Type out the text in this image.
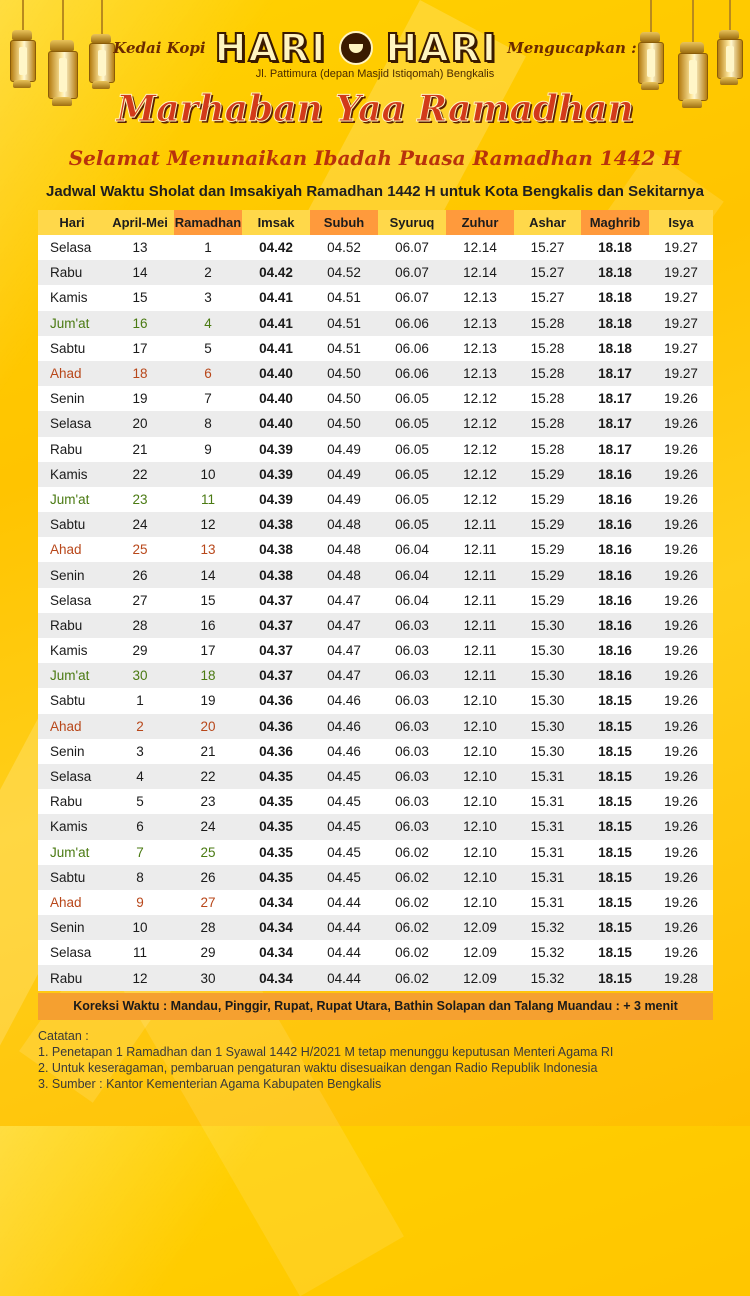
Kedai Kopi HARI HARI Mengucapkan :
Jl. Pattimura (depan Masjid Istiqomah) Bengkalis
Marhaban Yaa Ramadhan
Selamat Menunaikan Ibadah Puasa Ramadhan 1442 H
Jadwal Waktu Sholat dan Imsakiyah Ramadhan 1442 H untuk Kota Bengkalis dan Sekitarnya
Hari	April-Mei	Ramadhan	Imsak	Subuh	Syuruq	Zuhur	Ashar	Maghrib	Isya
Selasa	13	1	04.42	04.52	06.07	12.14	15.27	18.18	19.27
Rabu	14	2	04.42	04.52	06.07	12.14	15.27	18.18	19.27
Kamis	15	3	04.41	04.51	06.07	12.13	15.27	18.18	19.27
Jum'at	16	4	04.41	04.51	06.06	12.13	15.28	18.18	19.27
Sabtu	17	5	04.41	04.51	06.06	12.13	15.28	18.18	19.27
Ahad	18	6	04.40	04.50	06.06	12.13	15.28	18.17	19.27
Senin	19	7	04.40	04.50	06.05	12.12	15.28	18.17	19.26
Selasa	20	8	04.40	04.50	06.05	12.12	15.28	18.17	19.26
Rabu	21	9	04.39	04.49	06.05	12.12	15.28	18.17	19.26
Kamis	22	10	04.39	04.49	06.05	12.12	15.29	18.16	19.26
Jum'at	23	11	04.39	04.49	06.05	12.12	15.29	18.16	19.26
Sabtu	24	12	04.38	04.48	06.05	12.11	15.29	18.16	19.26
Ahad	25	13	04.38	04.48	06.04	12.11	15.29	18.16	19.26
Senin	26	14	04.38	04.48	06.04	12.11	15.29	18.16	19.26
Selasa	27	15	04.37	04.47	06.04	12.11	15.29	18.16	19.26
Rabu	28	16	04.37	04.47	06.03	12.11	15.30	18.16	19.26
Kamis	29	17	04.37	04.47	06.03	12.11	15.30	18.16	19.26
Jum'at	30	18	04.37	04.47	06.03	12.11	15.30	18.16	19.26
Sabtu	1	19	04.36	04.46	06.03	12.10	15.30	18.15	19.26
Ahad	2	20	04.36	04.46	06.03	12.10	15.30	18.15	19.26
Senin	3	21	04.36	04.46	06.03	12.10	15.30	18.15	19.26
Selasa	4	22	04.35	04.45	06.03	12.10	15.31	18.15	19.26
Rabu	5	23	04.35	04.45	06.03	12.10	15.31	18.15	19.26
Kamis	6	24	04.35	04.45	06.03	12.10	15.31	18.15	19.26
Jum'at	7	25	04.35	04.45	06.02	12.10	15.31	18.15	19.26
Sabtu	8	26	04.35	04.45	06.02	12.10	15.31	18.15	19.26
Ahad	9	27	04.34	04.44	06.02	12.10	15.31	18.15	19.26
Senin	10	28	04.34	04.44	06.02	12.09	15.32	18.15	19.26
Selasa	11	29	04.34	04.44	06.02	12.09	15.32	18.15	19.26
Rabu	12	30	04.34	04.44	06.02	12.09	15.32	18.15	19.28
Koreksi Waktu : Mandau, Pinggir, Rupat, Rupat Utara, Bathin Solapan dan Talang Muandau : + 3 menit
Catatan :
1. Penetapan 1 Ramadhan dan 1 Syawal 1442 H/2021 M tetap menunggu keputusan Menteri Agama RI
2. Untuk keseragaman, pembaruan pengaturan waktu disesuaikan dengan Radio Republik Indonesia
3. Sumber : Kantor Kementerian Agama Kabupaten Bengkalis
